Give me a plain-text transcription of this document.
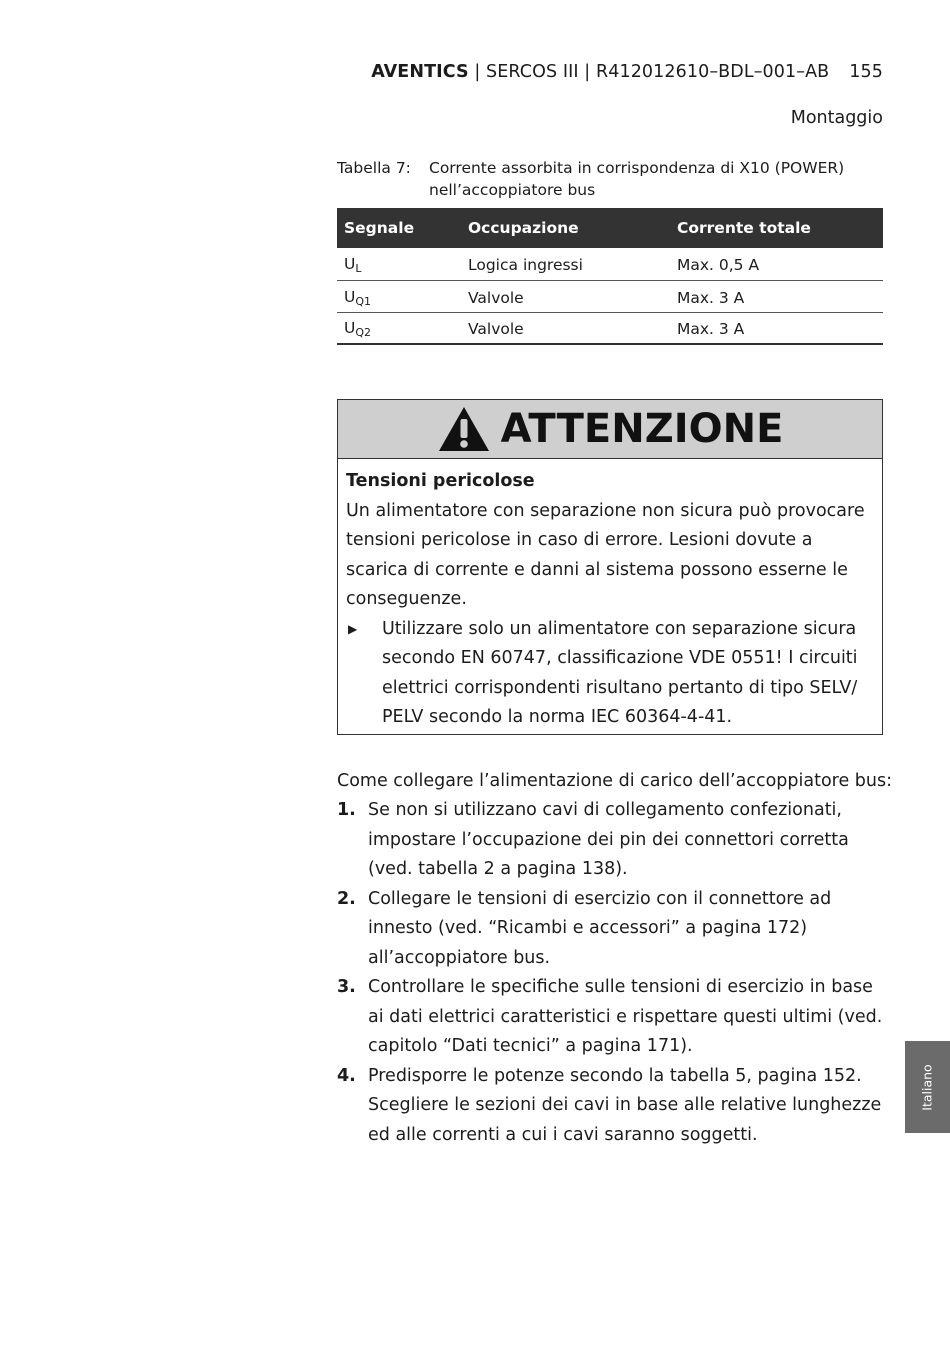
AVENTICS | SERCOS III | R412012610–BDL–001–AB 155
Montaggio
Tabella 7:	Corrente assorbita in corrispondenza di X10 (POWER) nell’accoppiatore bus
Segnale	Occupazione	Corrente totale
$U_L$	Logica ingressi	Max. 0,5 A
$U_{Q1}$	Valvole	Max. 3 A
$U_{Q2}$	Valvole	Max. 3 A
ATTENZIONE
Tensioni pericolose
Un alimentatore con separazione non sicura può provocare tensioni pericolose in caso di errore. Lesioni dovute a scarica di corrente e danni al sistema possono esserne le conseguenze.
▶	Utilizzare solo un alimentatore con separazione sicura secondo EN 60747, classificazione VDE 0551! I circuiti elettrici corrispondenti risultano pertanto di tipo SELV/ PELV secondo la norma IEC 60364-4-41.
Come collegare l’alimentazione di carico dell’accoppiatore bus:
1. Se non si utilizzano cavi di collegamento confezionati, impostare l’occupazione dei pin dei connettori corretta (ved. tabella 2 a pagina 138).
2. Collegare le tensioni di esercizio con il connettore ad innesto (ved. “Ricambi e accessori” a pagina 172) all’accoppiatore bus.
3. Controllare le specifiche sulle tensioni di esercizio in base ai dati elettrici caratteristici e rispettare questi ultimi (ved. capitolo “Dati tecnici” a pagina 171).
4. Predisporre le potenze secondo la tabella 5, pagina 152. Scegliere le sezioni dei cavi in base alle relative lunghezze ed alle correnti a cui i cavi saranno soggetti.
Italiano
